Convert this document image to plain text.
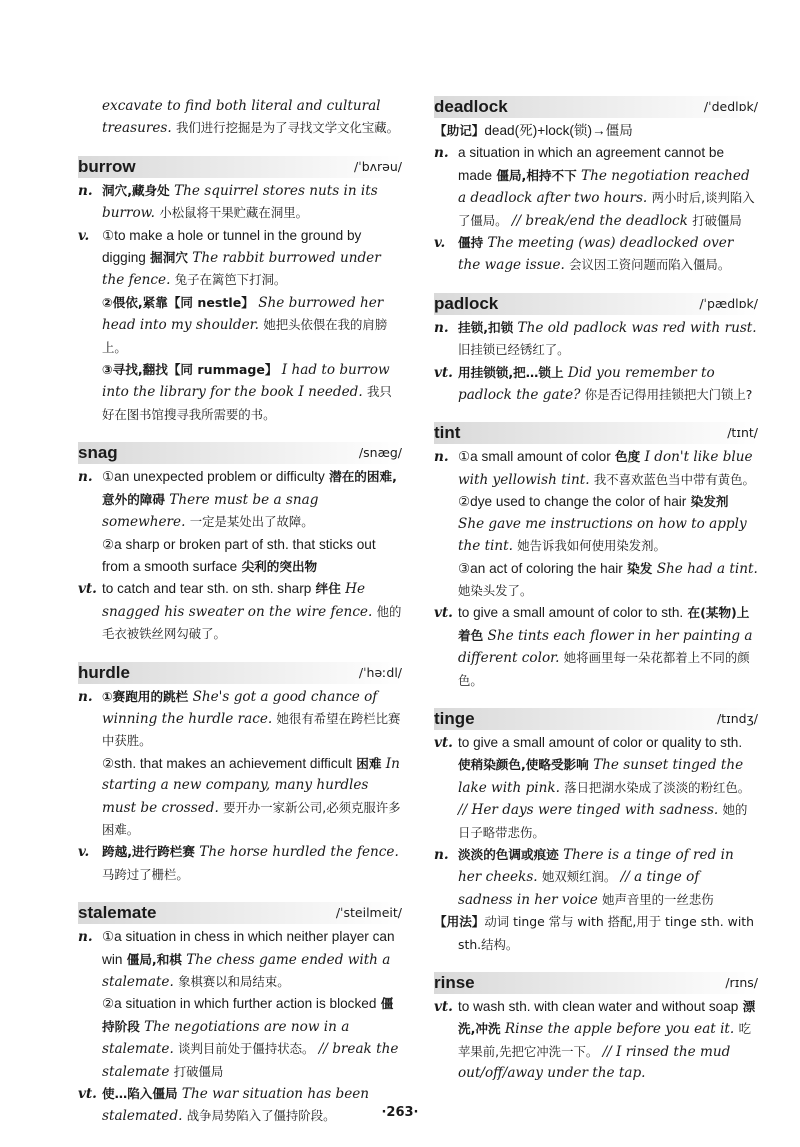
excavate to find both literal and cultural treasures. 我们进行挖掘是为了寻找文学文化宝藏。

burrow	/ˈbʌrəu/

n. 洞穴,藏身处 The squirrel stores nuts in its burrow. 小松鼠将干果贮藏在洞里。

v. ①to make a hole or tunnel in the ground by digging 掘洞穴 The rabbit burrowed under the fence. 兔子在篱笆下打洞。

②偎依,紧靠【同 nestle】 She burrowed her head into my shoulder. 她把头依偎在我的肩膀上。

③寻找,翻找【同 rummage】 I had to burrow into the library for the book I needed. 我只好在图书馆搜寻我所需要的书。

snag	/snæg/

n. ①an unexpected problem or difficulty 潜在的困难,意外的障碍 There must be a snag somewhere. 一定是某处出了故障。

②a sharp or broken part of sth. that sticks out from a smooth surface 尖利的突出物

vt. to catch and tear sth. on sth. sharp 绊住 He snagged his sweater on the wire fence. 他的毛衣被铁丝网勾破了。

hurdle	/ˈhəːdl/

n. ①赛跑用的跳栏 She's got a good chance of winning the hurdle race. 她很有希望在跨栏比赛中获胜。

②sth. that makes an achievement difficult 困难 In starting a new company, many hurdles must be crossed. 要开办一家新公司,必须克服许多困难。

v. 跨越,进行跨栏赛 The horse hurdled the fence. 马跨过了栅栏。

stalemate	/ˈsteilmeit/

n. ①a situation in chess in which neither player can win 僵局,和棋 The chess game ended with a stalemate. 象棋赛以和局结束。

②a situation in which further action is blocked 僵持阶段 The negotiations are now in a stalemate. 谈判目前处于僵持状态。 // break the stalemate 打破僵局

vt. 使…陷入僵局 The war situation has been stalemated. 战争局势陷入了僵持阶段。

deadlock	/ˈdedlɒk/

【助记】dead(死)+lock(锁)→僵局

n. a situation in which an agreement cannot be made 僵局,相持不下 The negotiation reached a deadlock after two hours. 两小时后,谈判陷入了僵局。 // break/end the deadlock 打破僵局

v. 僵持 The meeting (was) deadlocked over the wage issue. 会议因工资问题而陷入僵局。

padlock	/ˈpædlɒk/

n. 挂锁,扣锁 The old padlock was red with rust. 旧挂锁已经锈红了。

vt. 用挂锁锁,把…锁上 Did you remember to padlock the gate? 你是否记得用挂锁把大门锁上?

tint	/tɪnt/

n. ①a small amount of color 色度 I don't like blue with yellowish tint. 我不喜欢蓝色当中带有黄色。

②dye used to change the color of hair 染发剂 She gave me instructions on how to apply the tint. 她告诉我如何使用染发剂。

③an act of coloring the hair 染发 She had a tint. 她染头发了。

vt. to give a small amount of color to sth. 在(某物)上着色 She tints each flower in her painting a different color. 她将画里每一朵花都着上不同的颜色。

tinge	/tɪndʒ/

vt. to give a small amount of color or quality to sth. 使稍染颜色,使略受影响 The sunset tinged the lake with pink. 落日把湖水染成了淡淡的粉红色。 // Her days were tinged with sadness. 她的日子略带悲伤。

n. 淡淡的色调或痕迹 There is a tinge of red in her cheeks. 她双颊红润。 // a tinge of sadness in her voice 她声音里的一丝悲伤

【用法】动词 tinge 常与 with 搭配,用于 tinge sth. with sth.结构。

rinse	/rɪns/

vt. to wash sth. with clean water and without soap 漂洗,冲洗 Rinse the apple before you eat it. 吃苹果前,先把它冲洗一下。 // I rinsed the mud out/off/away under the tap.

·263·
